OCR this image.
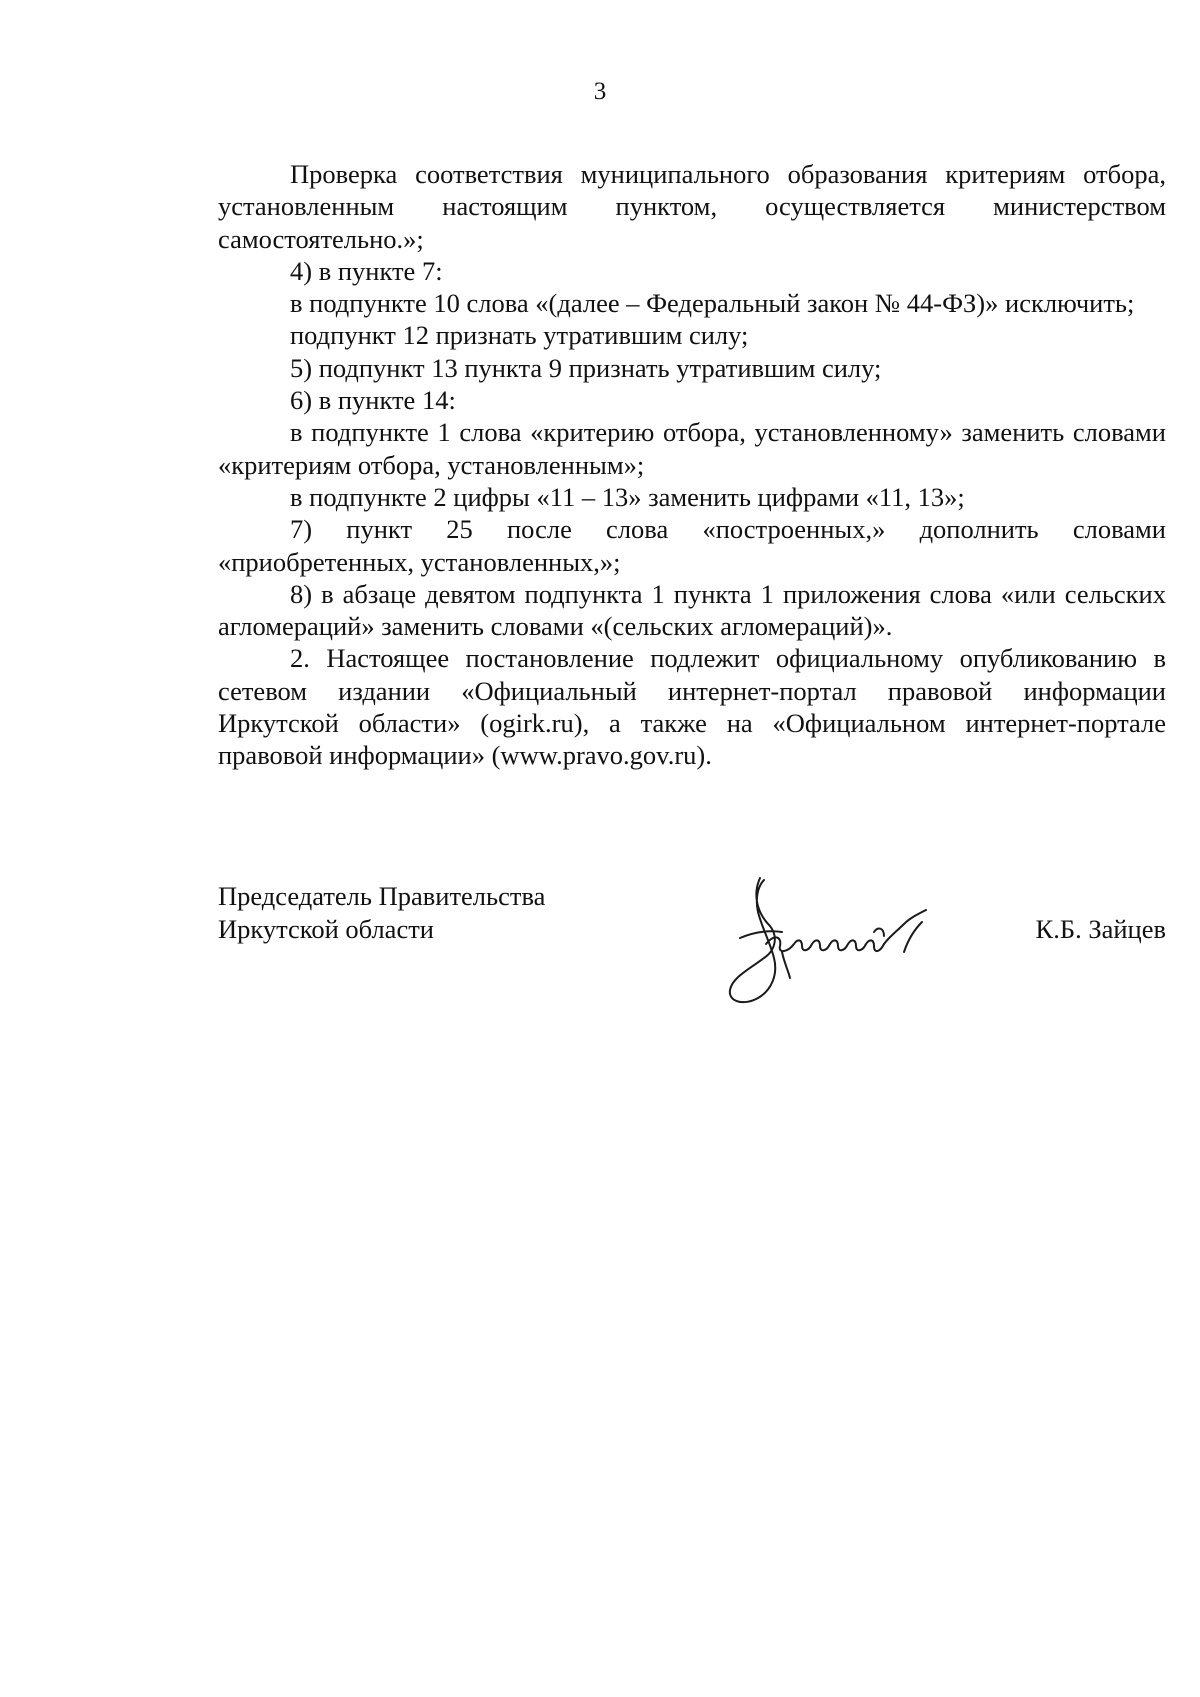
3

Проверка соответствия муниципального образования критериям отбора, установленным настоящим пунктом, осуществляется министерством самостоятельно.»;

4) в пункте 7:

в подпункте 10 слова «(далее – Федеральный закон № 44-ФЗ)» исключить;

подпункт 12 признать утратившим силу;

5) подпункт 13 пункта 9 признать утратившим силу;

6) в пункте 14:

в подпункте 1 слова «критерию отбора, установленному» заменить словами «критериям отбора, установленным»;

в подпункте 2 цифры «11 – 13» заменить цифрами «11, 13»;

7) пункт 25 после слова «построенных,» дополнить словами «приобретенных, установленных,»;

8) в абзаце девятом подпункта 1 пункта 1 приложения слова «или сельских агломераций» заменить словами «(сельских агломераций)».

2. Настоящее постановление подлежит официальному опубликованию в сетевом издании «Официальный интернет-портал правовой информации Иркутской области» (ogirk.ru), а также на «Официальном интернет-портале правовой информации» (www.pravo.gov.ru).

Председатель Правительства
Иркутской области	К.Б. Зайцев
